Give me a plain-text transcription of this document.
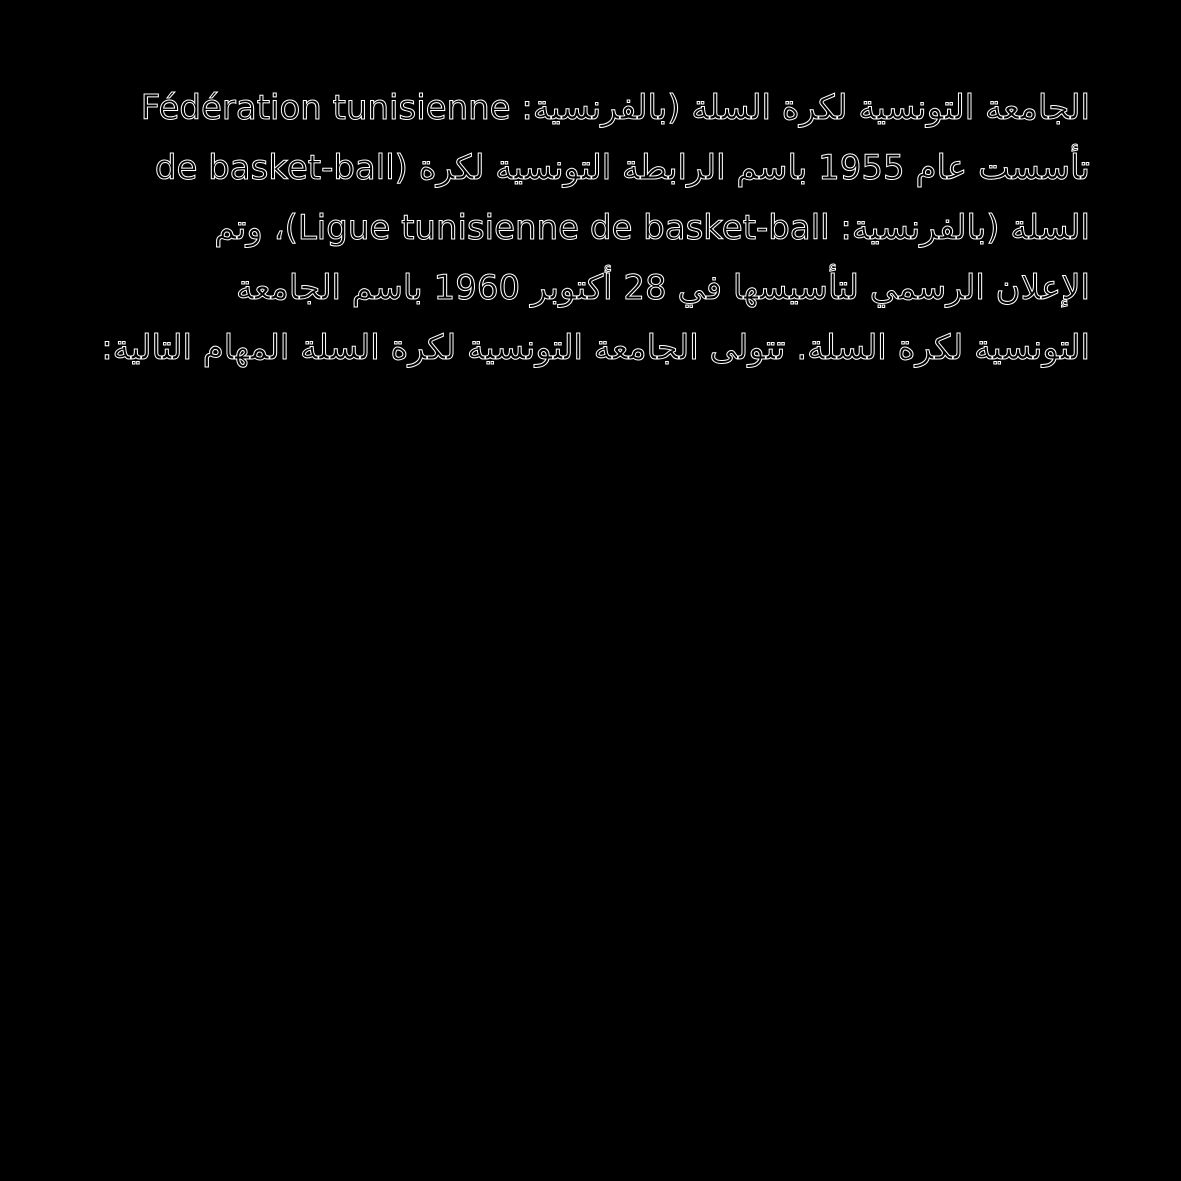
الجامعة التونسية لكرة السلة (بالفرنسية: Fédération tunisienne
de basket-ball) تأسست عام 1955 باسم الرابطة التونسية لكرة
السلة (بالفرنسية: Ligue tunisienne de basket-ball)، وتم
الإعلان الرسمي لتأسيسها في 28 أكتوبر 1960 باسم الجامعة
التونسية لكرة السلة. تتولى الجامعة التونسية لكرة السلة المهام التالية:
